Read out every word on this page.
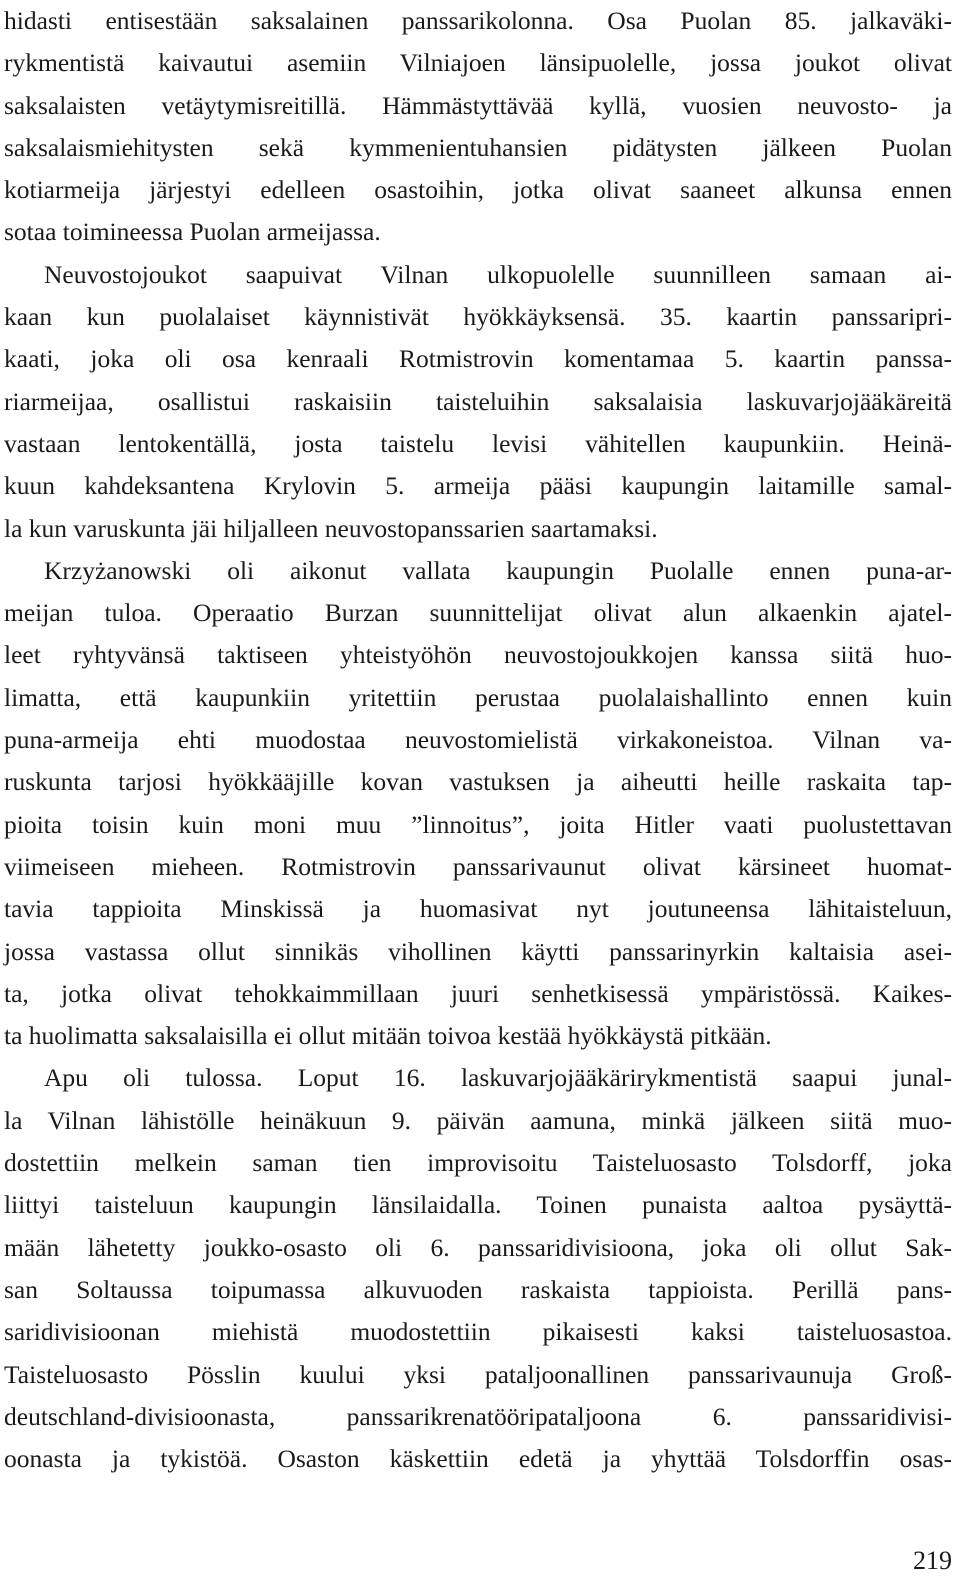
hidasti entisestään saksalainen panssarikolonna. Osa Puolan 85. jalkaväki-
rykmentistä kaivautui asemiin Vilniajoen länsipuolelle, jossa joukot olivat
saksalaisten vetäytymisreitillä. Hämmästyttävää kyllä, vuosien neuvosto- ja
saksalaismiehitysten sekä kymmenientuhansien pidätysten jälkeen Puolan
kotiarmeija järjestyi edelleen osastoihin, jotka olivat saaneet alkunsa ennen
sotaa toimineessa Puolan armeijassa.
Neuvostojoukot saapuivat Vilnan ulkopuolelle suunnilleen samaan ai-
kaan kun puolalaiset käynnistivät hyökkäyksensä. 35. kaartin panssaripri-
kaati, joka oli osa kenraali Rotmistrovin komentamaa 5. kaartin panssa-
riarmeijaa, osallistui raskaisiin taisteluihin saksalaisia laskuvarjojääkäreitä
vastaan lentokentällä, josta taistelu levisi vähitellen kaupunkiin. Heinä-
kuun kahdeksantena Krylovin 5. armeija pääsi kaupungin laitamille samal-
la kun varuskunta jäi hiljalleen neuvostopanssarien saartamaksi.
Krzyżanowski oli aikonut vallata kaupungin Puolalle ennen puna-ar-
meijan tuloa. Operaatio Burzan suunnittelijat olivat alun alkaenkin ajatel-
leet ryhtyvänsä taktiseen yhteistyöhön neuvostojoukkojen kanssa siitä huo-
limatta, että kaupunkiin yritettiin perustaa puolalaishallinto ennen kuin
puna-armeija ehti muodostaa neuvostomielistä virkakoneistoa. Vilnan va-
ruskunta tarjosi hyökkääjille kovan vastuksen ja aiheutti heille raskaita tap-
pioita toisin kuin moni muu ”linnoitus”, joita Hitler vaati puolustettavan
viimeiseen mieheen. Rotmistrovin panssarivaunut olivat kärsineet huomat-
tavia tappioita Minskissä ja huomasivat nyt joutuneensa lähitaisteluun,
jossa vastassa ollut sinnikäs vihollinen käytti panssarinyrkin kaltaisia asei-
ta, jotka olivat tehokkaimmillaan juuri senhetkisessä ympäristössä. Kaikes-
ta huolimatta saksalaisilla ei ollut mitään toivoa kestää hyökkäystä pitkään.
Apu oli tulossa. Loput 16. laskuvarjojääkärirykmentistä saapui junal-
la Vilnan lähistölle heinäkuun 9. päivän aamuna, minkä jälkeen siitä muo-
dostettiin melkein saman tien improvisoitu Taisteluosasto Tolsdorff, joka
liittyi taisteluun kaupungin länsilaidalla. Toinen punaista aaltoa pysäyttä-
mään lähetetty joukko-osasto oli 6. panssaridivisioona, joka oli ollut Sak-
san Soltaussa toipumassa alkuvuoden raskaista tappioista. Perillä pans-
saridivisioonan miehistä muodostettiin pikaisesti kaksi taisteluosastoa.
Taisteluosasto Pösslin kuului yksi pataljoonallinen panssarivaunuja Groß-
deutschland-divisioonasta, panssarikrenatööripataljoona 6. panssaridivisi-
oonasta ja tykistöä. Osaston käskettiin edetä ja yhyttää Tolsdorffin osas-
219
